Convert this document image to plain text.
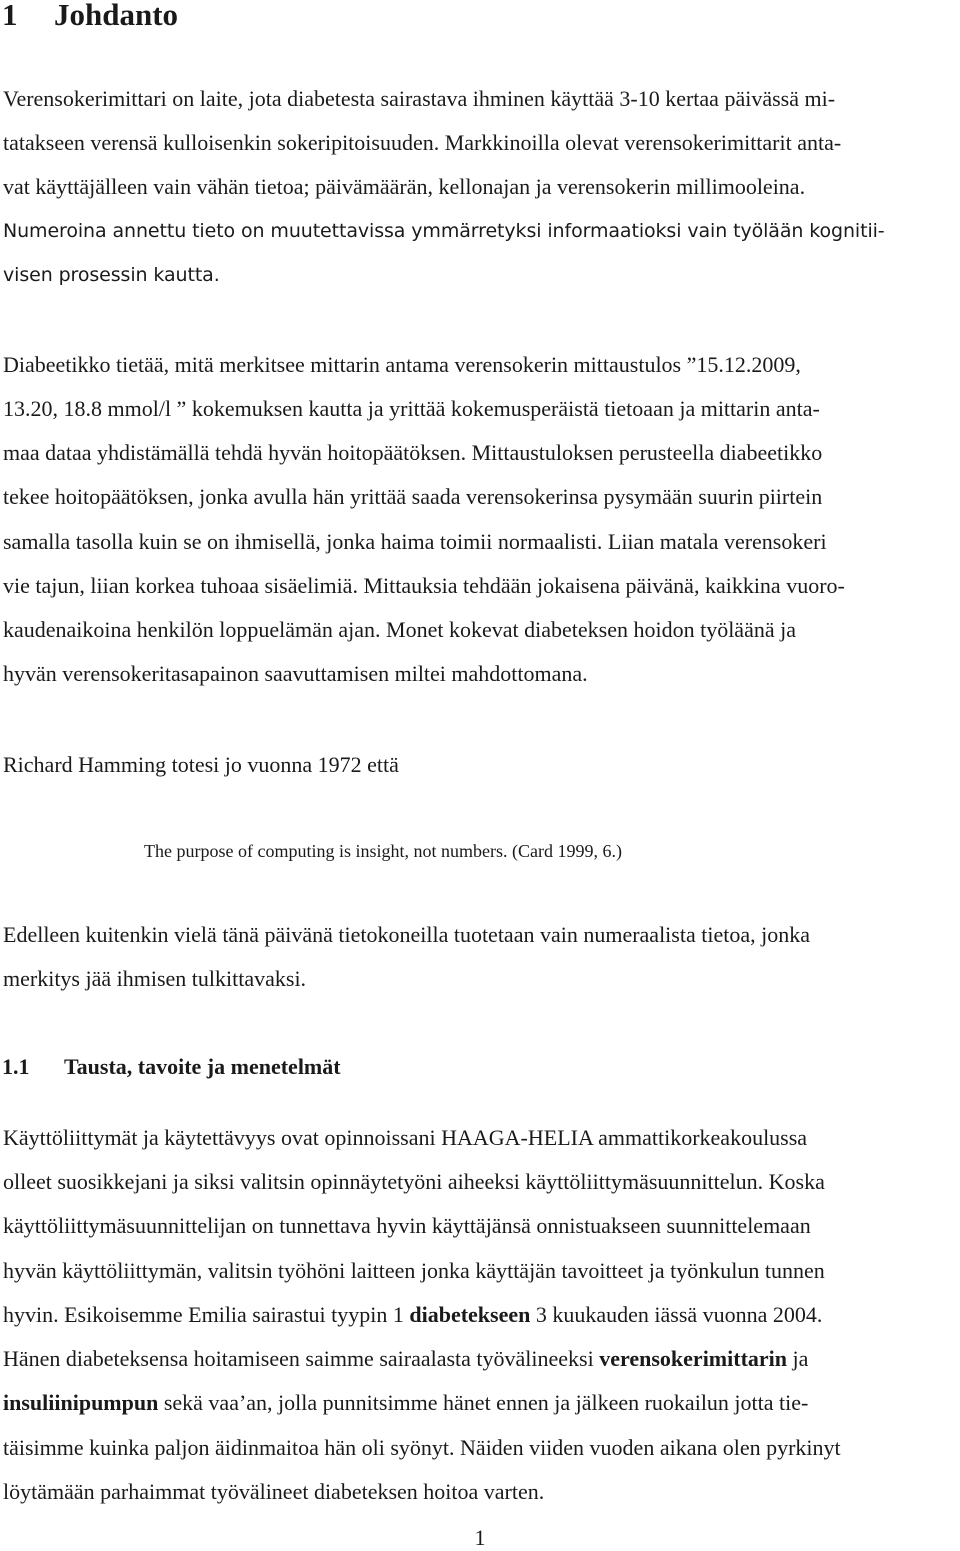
1 Johdanto
Verensokerimittari on laite, jota diabetesta sairastava ihminen käyttää 3-10 kertaa päivässä mi-
tatakseen verensä kulloisenkin sokeripitoisuuden. Markkinoilla olevat verensokerimittarit anta-
vat käyttäjälleen vain vähän tietoa; päivämäärän, kellonajan ja verensokerin millimooleina.
Numeroina annettu tieto on muutettavissa ymmärretyksi informaatioksi vain työlään kognitii-
visen prosessin kautta.
Diabeetikko tietää, mitä merkitsee mittarin antama verensokerin mittaustulos ”15.12.2009,
13.20, 18.8 mmol/l ” kokemuksen kautta ja yrittää kokemusperäistä tietoaan ja mittarin anta-
maa dataa yhdistämällä tehdä hyvän hoitopäätöksen. Mittaustuloksen perusteella diabeetikko
tekee hoitopäätöksen, jonka avulla hän yrittää saada verensokerinsa pysymään suurin piirtein
samalla tasolla kuin se on ihmisellä, jonka haima toimii normaalisti. Liian matala verensokeri
vie tajun, liian korkea tuhoaa sisäelimiä. Mittauksia tehdään jokaisena päivänä, kaikkina vuoro-
kaudenaikoina henkilön loppuelämän ajan. Monet kokevat diabeteksen hoidon työläänä ja
hyvän verensokeritasapainon saavuttamisen miltei mahdottomana.
Richard Hamming totesi jo vuonna 1972 että
The purpose of computing is insight, not numbers. (Card 1999, 6.)
Edelleen kuitenkin vielä tänä päivänä tietokoneilla tuotetaan vain numeraalista tietoa, jonka
merkitys jää ihmisen tulkittavaksi.
1.1 Tausta, tavoite ja menetelmät
Käyttöliittymät ja käytettävyys ovat opinnoissani HAAGA-HELIA ammattikorkeakoulussa
olleet suosikkejani ja siksi valitsin opinnäytetyöni aiheeksi käyttöliittymäsuunnittelun. Koska
käyttöliittymäsuunnittelijan on tunnettava hyvin käyttäjänsä onnistuakseen suunnittelemaan
hyvän käyttöliittymän, valitsin työhöni laitteen jonka käyttäjän tavoitteet ja työnkulun tunnen
hyvin. Esikoisemme Emilia sairastui tyypin 1 diabetekseen 3 kuukauden iässä vuonna 2004.
Hänen diabeteksensa hoitamiseen saimme sairaalasta työvälineeksi verensokerimittarin ja
insuliinipumpun sekä vaa’an, jolla punnitsimme hänet ennen ja jälkeen ruokailun jotta tie-
täisimme kuinka paljon äidinmaitoa hän oli syönyt. Näiden viiden vuoden aikana olen pyrkinyt
löytämään parhaimmat työvälineet diabeteksen hoitoa varten.
1
